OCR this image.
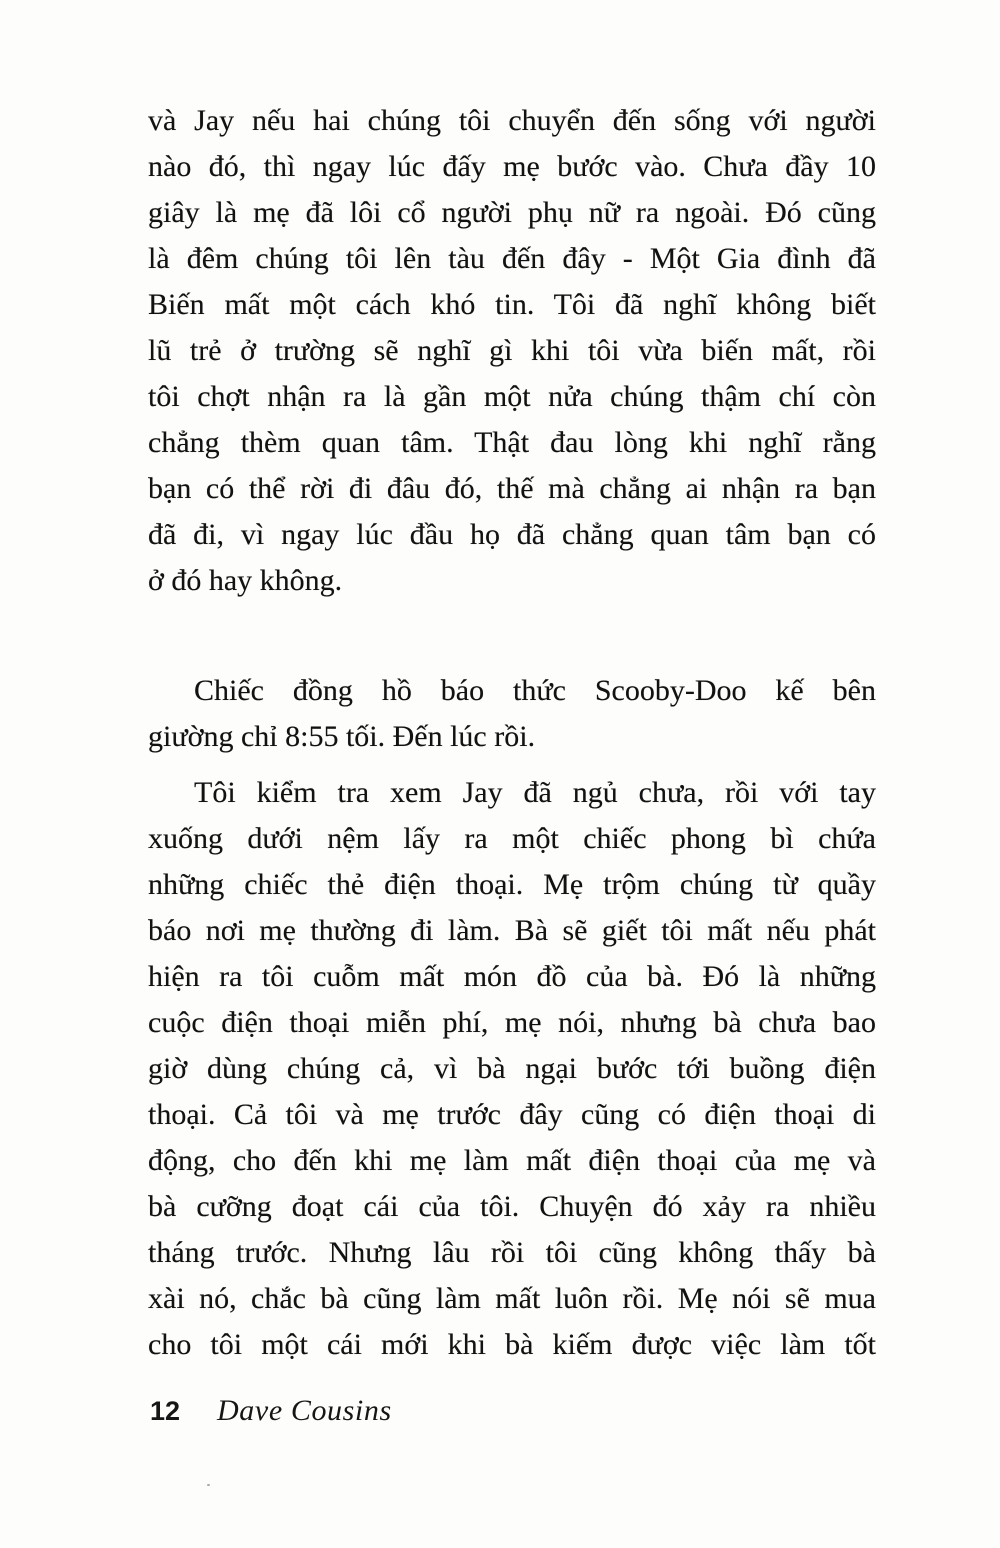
và Jay nếu hai chúng tôi chuyển đến sống với người
nào đó, thì ngay lúc đấy mẹ bước vào. Chưa đầy 10
giây là mẹ đã lôi cổ người phụ nữ ra ngoài. Đó cũng
là đêm chúng tôi lên tàu đến đây - Một Gia đình đã
Biến mất một cách khó tin. Tôi đã nghĩ không biết
lũ trẻ ở trường sẽ nghĩ gì khi tôi vừa biến mất, rồi
tôi chợt nhận ra là gần một nửa chúng thậm chí còn
chẳng thèm quan tâm. Thật đau lòng khi nghĩ rằng
bạn có thể rời đi đâu đó, thế mà chẳng ai nhận ra bạn
đã đi, vì ngay lúc đầu họ đã chẳng quan tâm bạn có
ở đó hay không.
Chiếc đồng hồ báo thức Scooby-Doo kế bên
giường chỉ 8:55 tối. Đến lúc rồi.
Tôi kiểm tra xem Jay đã ngủ chưa, rồi với tay
xuống dưới nệm lấy ra một chiếc phong bì chứa
những chiếc thẻ điện thoại. Mẹ trộm chúng từ quầy
báo nơi mẹ thường đi làm. Bà sẽ giết tôi mất nếu phát
hiện ra tôi cuỗm mất món đồ của bà. Đó là những
cuộc điện thoại miễn phí, mẹ nói, nhưng bà chưa bao
giờ dùng chúng cả, vì bà ngại bước tới buồng điện
thoại. Cả tôi và mẹ trước đây cũng có điện thoại di
động, cho đến khi mẹ làm mất điện thoại của mẹ và
bà cưỡng đoạt cái của tôi. Chuyện đó xảy ra nhiều
tháng trước. Nhưng lâu rồi tôi cũng không thấy bà
xài nó, chắc bà cũng làm mất luôn rồi. Mẹ nói sẽ mua
cho tôi một cái mới khi bà kiếm được việc làm tốt
12 Dave Cousins
